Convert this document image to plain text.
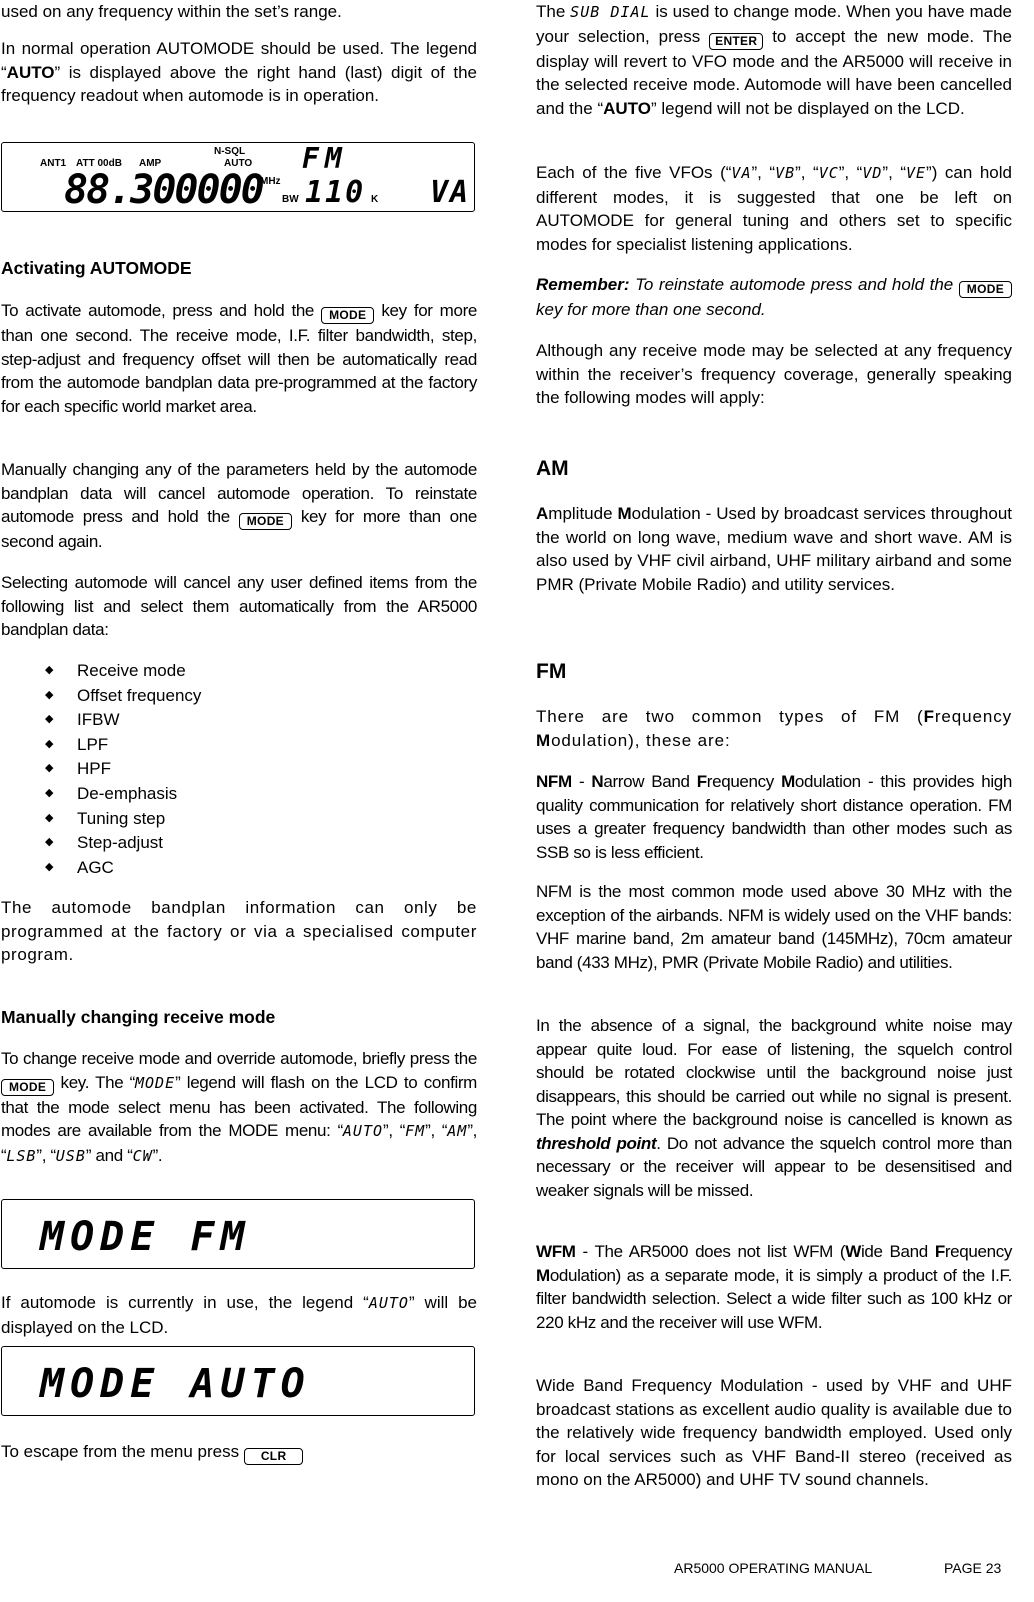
used on any frequency within the set’s range.

In normal operation AUTOMODE should be used. The legend “AUTO” is displayed above the right hand (last) digit of the frequency readout when automode is in operation.

ANT1 ATT 00dB AMP
N-SQL
AUTO FM
88.300000
MHz
BW 110 K VA
Activating AUTOMODE

To activate automode, press and hold the MODE key for more than one second. The receive mode, I.F. filter bandwidth, step, step-adjust and frequency offset will then be automatically read from the automode bandplan data pre-programmed at the factory for each specific world market area.

Manually changing any of the parameters held by the automode bandplan data will cancel automode operation. To reinstate automode press and hold the MODE key for more than one second again.

Selecting automode will cancel any user defined items from the following list and select them automatically from the AR5000 bandplan data:

◆ Receive mode
◆ Offset frequency
◆ IFBW
◆ LPF
◆ HPF
◆ De-emphasis
◆ Tuning step
◆ Step-adjust
◆ AGC

The automode bandplan information can only be programmed at the factory or via a specialised computer program.

Manually changing receive mode

To change receive mode and override automode, briefly press the MODE key. The “MODE” legend will flash on the LCD to confirm that the mode select menu has been activated. The following modes are available from the MODE menu: “AUTO”, “FM”, “AM”, “LSB”, “USB” and “CW”.

MODE FM

If automode is currently in use, the legend “AUTO” will be displayed on the LCD.

MODE AUTO

To escape from the menu press CLR

The SUB DIAL is used to change mode. When you have made your selection, press ENTER to accept the new mode. The display will revert to VFO mode and the AR5000 will receive in the selected receive mode. Automode will have been cancelled and the “AUTO” legend will not be displayed on the LCD.

Each of the five VFOs (“VA”, “VB”, “VC”, “VD”, “VE”) can hold different modes, it is suggested that one be left on AUTOMODE for general tuning and others set to specific modes for specialist listening applications.

Remember: To reinstate automode press and hold the MODE key for more than one second.

Although any receive mode may be selected at any frequency within the receiver’s frequency coverage, generally speaking the following modes will apply:

AM

Amplitude Modulation - Used by broadcast services throughout the world on long wave, medium wave and short wave. AM is also used by VHF civil airband, UHF military airband and some PMR (Private Mobile Radio) and utility services.

FM

There are two common types of FM (Frequency Modulation), these are:

NFM - Narrow Band Frequency Modulation - this provides high quality communication for relatively short distance operation. FM uses a greater frequency bandwidth than other modes such as SSB so is less efficient.

NFM is the most common mode used above 30 MHz with the exception of the airbands. NFM is widely used on the VHF bands: VHF marine band, 2m amateur band (145MHz), 70cm amateur band (433 MHz), PMR (Private Mobile Radio) and utilities.

In the absence of a signal, the background white noise may appear quite loud. For ease of listening, the squelch control should be rotated clockwise until the background noise just disappears, this should be carried out while no signal is present. The point where the background noise is cancelled is known as threshold point. Do not advance the squelch control more than necessary or the receiver will appear to be desensitised and weaker signals will be missed.

WFM - The AR5000 does not list WFM (Wide Band Frequency Modulation) as a separate mode, it is simply a product of the I.F. filter bandwidth selection. Select a wide filter such as 100 kHz or 220 kHz and the receiver will use WFM.

Wide Band Frequency Modulation - used by VHF and UHF broadcast stations as excellent audio quality is available due to the relatively wide frequency bandwidth employed. Used only for local services such as VHF Band-II stereo (received as mono on the AR5000) and UHF TV sound channels.

AR5000 OPERATING MANUAL	PAGE 23
